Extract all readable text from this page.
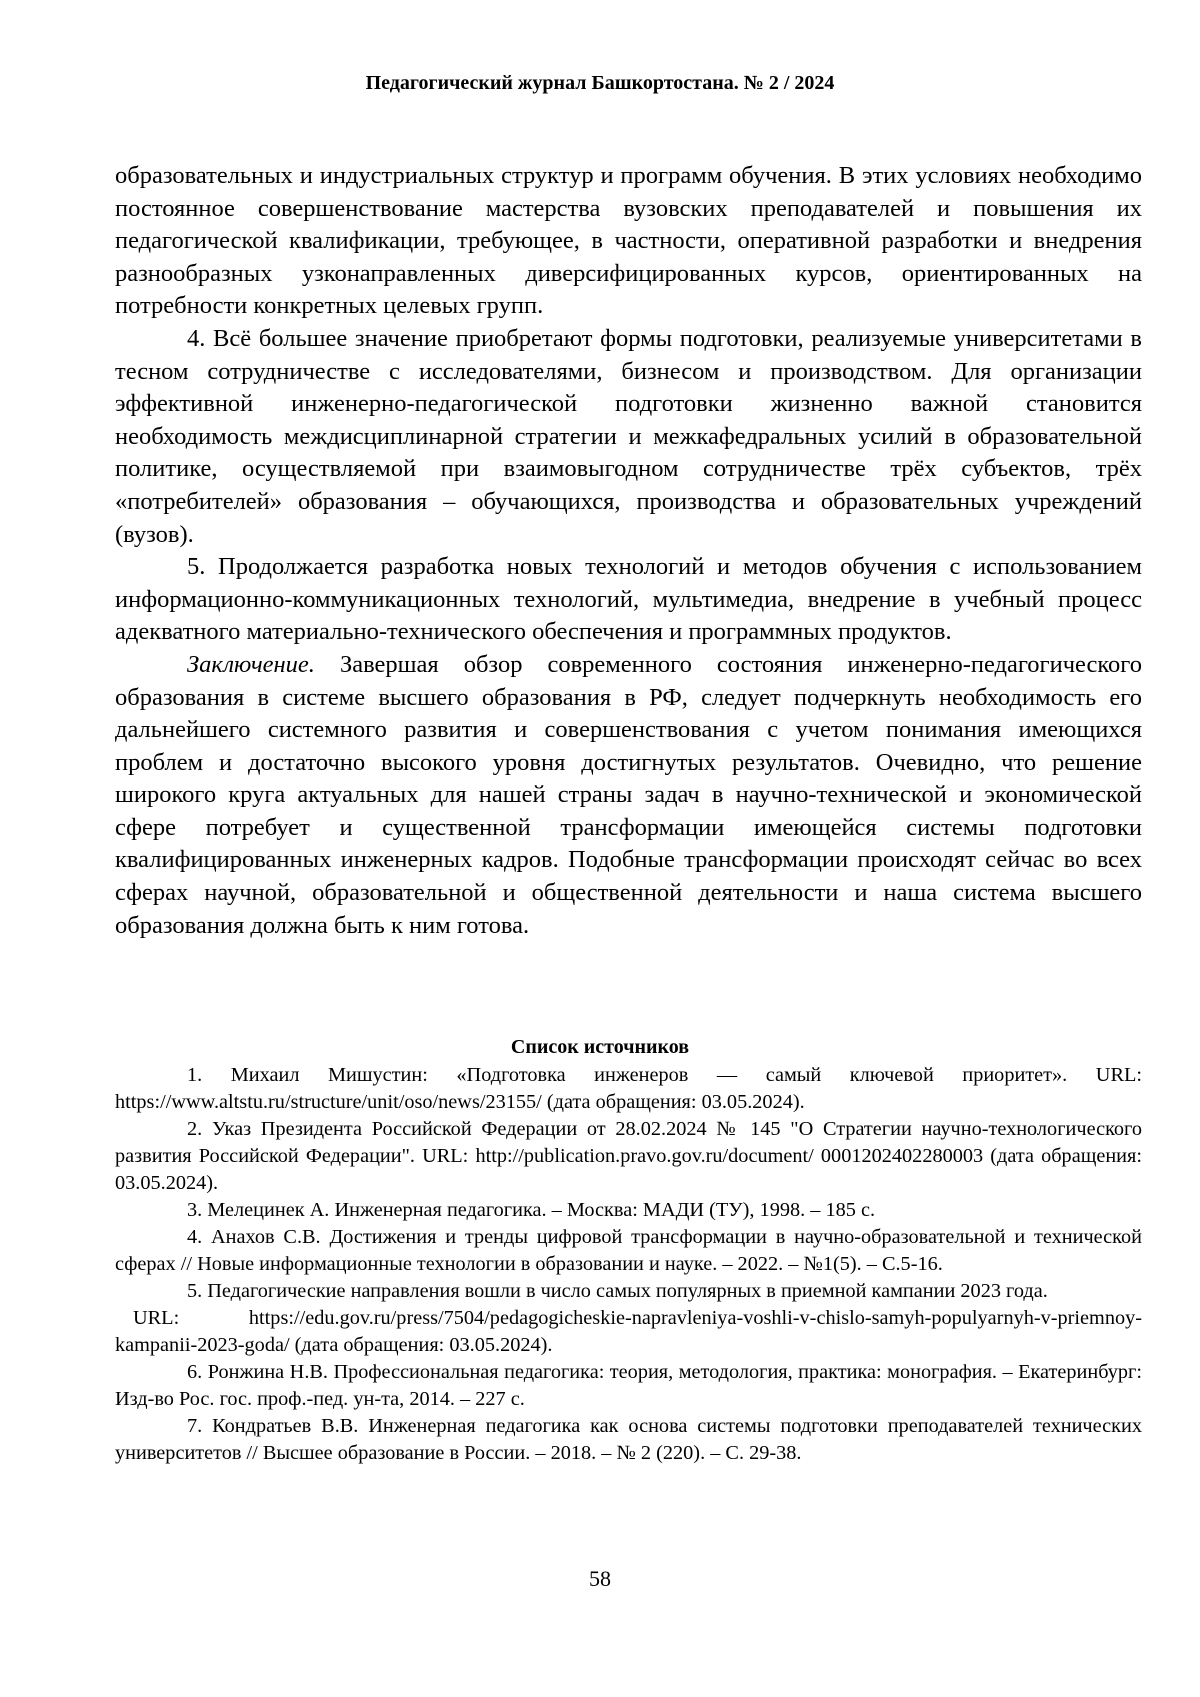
Педагогический журнал Башкортостана. № 2 / 2024

образовательных и индустриальных структур и программ обучения. В этих условиях необходимо постоянное совершенствование мастерства вузовских преподавателей и повышения их педагогической квалификации, требующее, в частности, оперативной разработки и внедрения разнообразных узконаправленных диверсифицированных курсов, ориентированных на потребности конкретных целевых групп.

4. Всё большее значение приобретают формы подготовки, реализуемые университетами в тесном сотрудничестве с исследователями, бизнесом и производством. Для организации эффективной инженерно-педагогической подготовки жизненно важной становится необходимость междисциплинарной стратегии и межкафедральных усилий в образовательной политике, осуществляемой при взаимовыгодном сотрудничестве трёх субъектов, трёх «потребителей» образования – обучающихся, производства и образовательных учреждений (вузов).

5. Продолжается разработка новых технологий и методов обучения с использованием информационно-коммуникационных технологий, мультимедиа, внедрение в учебный процесс адекватного материально-технического обеспечения и программных продуктов.

Заключение. Завершая обзор современного состояния инженерно-педагогического образования в системе высшего образования в РФ, следует подчеркнуть необходимость его дальнейшего системного развития и совершенствования с учетом понимания имеющихся проблем и достаточно высокого уровня достигнутых результатов. Очевидно, что решение широкого круга актуальных для нашей страны задач в научно-технической и экономической сфере потребует и существенной трансформации имеющейся системы подготовки квалифицированных инженерных кадров. Подобные трансформации происходят сейчас во всех сферах научной, образовательной и общественной деятельности и наша система высшего образования должна быть к ним готова.

Список источников

1. Михаил Мишустин: «Подготовка инженеров — самый ключевой приоритет». URL: https://www.altstu.ru/structure/unit/oso/news/23155/ (дата обращения: 03.05.2024).

2. Указ Президента Российской Федерации от 28.02.2024 № 145 "О Стратегии научно-технологического развития Российской Федерации". URL: http://publication.pravo.gov.ru/document/ 0001202402280003 (дата обращения: 03.05.2024).

3. Мелецинек А. Инженерная педагогика. – Москва: МАДИ (ТУ), 1998. – 185 с.

4. Анахов С.В. Достижения и тренды цифровой трансформации в научно-образовательной и технической сферах // Новые информационные технологии в образовании и науке. – 2022. – №1(5). – С.5-16.

5. Педагогические направления вошли в число самых популярных в приемной кампании 2023 года.

URL: https://edu.gov.ru/press/7504/pedagogicheskie-napravleniya-voshli-v-chislo-samyh-populyarnyh-v-priemnoy-kampanii-2023-goda/ (дата обращения: 03.05.2024).

6. Ронжина Н.В. Профессиональная педагогика: теория, методология, практика: монография. – Екатеринбург: Изд-во Рос. гос. проф.-пед. ун-та, 2014. – 227 с.

7. Кондратьев В.В. Инженерная педагогика как основа системы подготовки преподавателей технических университетов // Высшее образование в России. – 2018. – № 2 (220). – С. 29-38.

58
